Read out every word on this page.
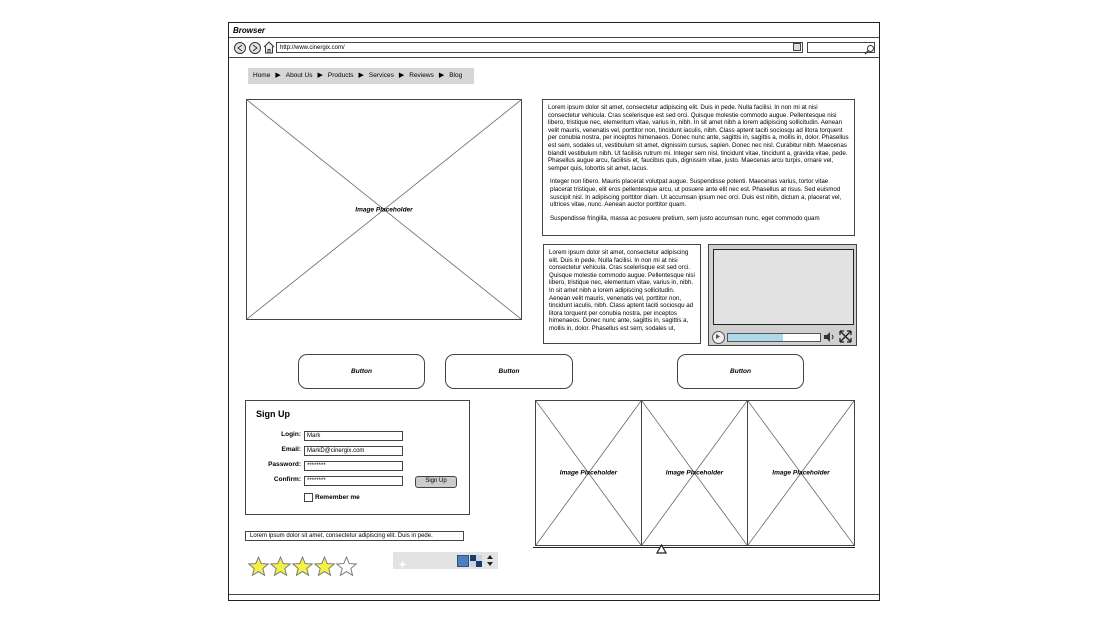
Browser
http://www.cinergix.com/
Home ▶ About Us ▶ Products ▶ Services ▶ Reviews ▶ Blog
Image Placeholder

Lorem ipsum dolor sit amet, consectetur adipiscing elit. Duis in pede. Nulla facilisi. In non mi at nisi consectetur vehicula. Cras scelerisque est sed orci. Quisque molestie commodo augue. Pellentesque nisi libero, tristique nec, elementum vitae, varius in, nibh. In sit amet nibh a lorem adipiscing sollicitudin. Aenean velit mauris, venenatis vel, porttitor non, tincidunt iaculis, nibh. Class aptent taciti sociosqu ad litora torquent per conubia nostra, per inceptos himenaeos. Donec nunc ante, sagittis in, sagittis a, mollis in, dolor. Phasellus est sem, sodales ut, vestibulum sit amet, dignissim cursus, sapien. Donec nec nisl. Curabitur nibh. Maecenas blandit vestibulum nibh. Ut facilisis rutrum mi. Integer sem nisl, tincidunt vitae, tincidunt a, gravida vitae, pede. Phasellus augue arcu, facilisis et, faucibus quis, dignissim vitae, justo. Maecenas arcu turpis, ornare vel, semper quis, lobortis sit amet, lacus.

Integer non libero. Mauris placerat volutpat augue. Suspendisse potenti. Maecenas varius, tortor vitae placerat tristique, elit eros pellentesque arcu, ut posuere ante elit nec est. Phasellus at risus. Sed euismod suscipit nisl. In adipiscing porttitor diam. Ut accumsan ipsum nec orci. Duis est nibh, dictum a, placerat vel, ultrices vitae, nunc. Aenean auctor porttitor quam.

Suspendisse fringilla, massa ac posuere pretium, sem justo accumsan nunc, eget commodo quam

Lorem ipsum dolor sit amet, consectetur adipiscing elit. Duis in pede. Nulla facilisi. In non mi at nisi consectetur vehicula. Cras scelerisque est sed orci. Quisque molestie commodo augue. Pellentesque nisi libero, tristique nec, elementum vitae, varius in, nibh. In sit amet nibh a lorem adipiscing sollicitudin. Aenean velit mauris, venenatis vel, porttitor non, tincidunt iaculis, nibh. Class aptent taciti sociosqu ad litora torquent per conubia nostra, per inceptos himenaeos. Donec nunc ante, sagittis in, sagittis a, mollis in, dolor. Phasellus est sem, sodales ut,

Button	Button	Button
Sign Up
Login:	Mark
Email:	MarkD@cinergix.com
Password:	********
Confirm:	********	Sign Up
Remember me
Lorem ipsum dolor sit amet, consectetur adipiscing elit. Duis in pede.
Image Placeholder	Image Placeholder	Image Placeholder
